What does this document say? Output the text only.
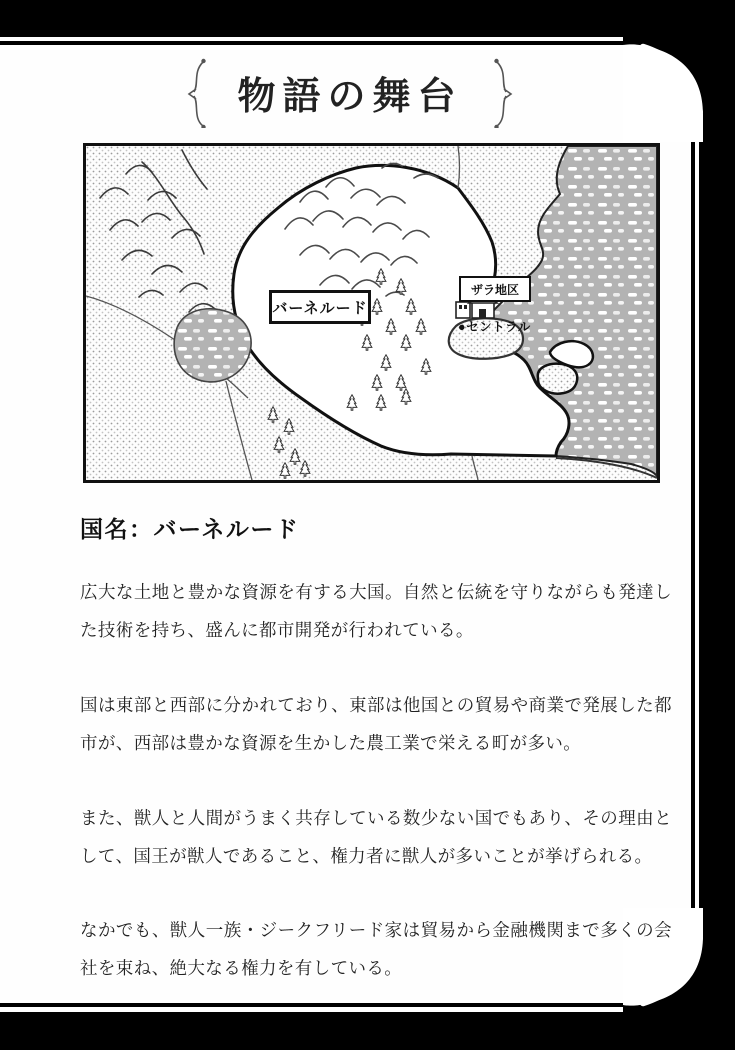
物語の舞台
バーネルード
ザラ地区
●セントラル
国名：バーネルード

広大な土地と豊かな資源を有する大国。自然と伝統を守りながらも発達した技術を持ち、盛んに都市開発が行われている。

国は東部と西部に分かれており、東部は他国との貿易や商業で発展した都市が、西部は豊かな資源を生かした農工業で栄える町が多い。

また、獣人と人間がうまく共存している数少ない国でもあり、その理由として、国王が獣人であること、権力者に獣人が多いことが挙げられる。

なかでも、獣人一族・ジークフリード家は貿易から金融機関まで多くの会社を束ね、絶大なる権力を有している。
